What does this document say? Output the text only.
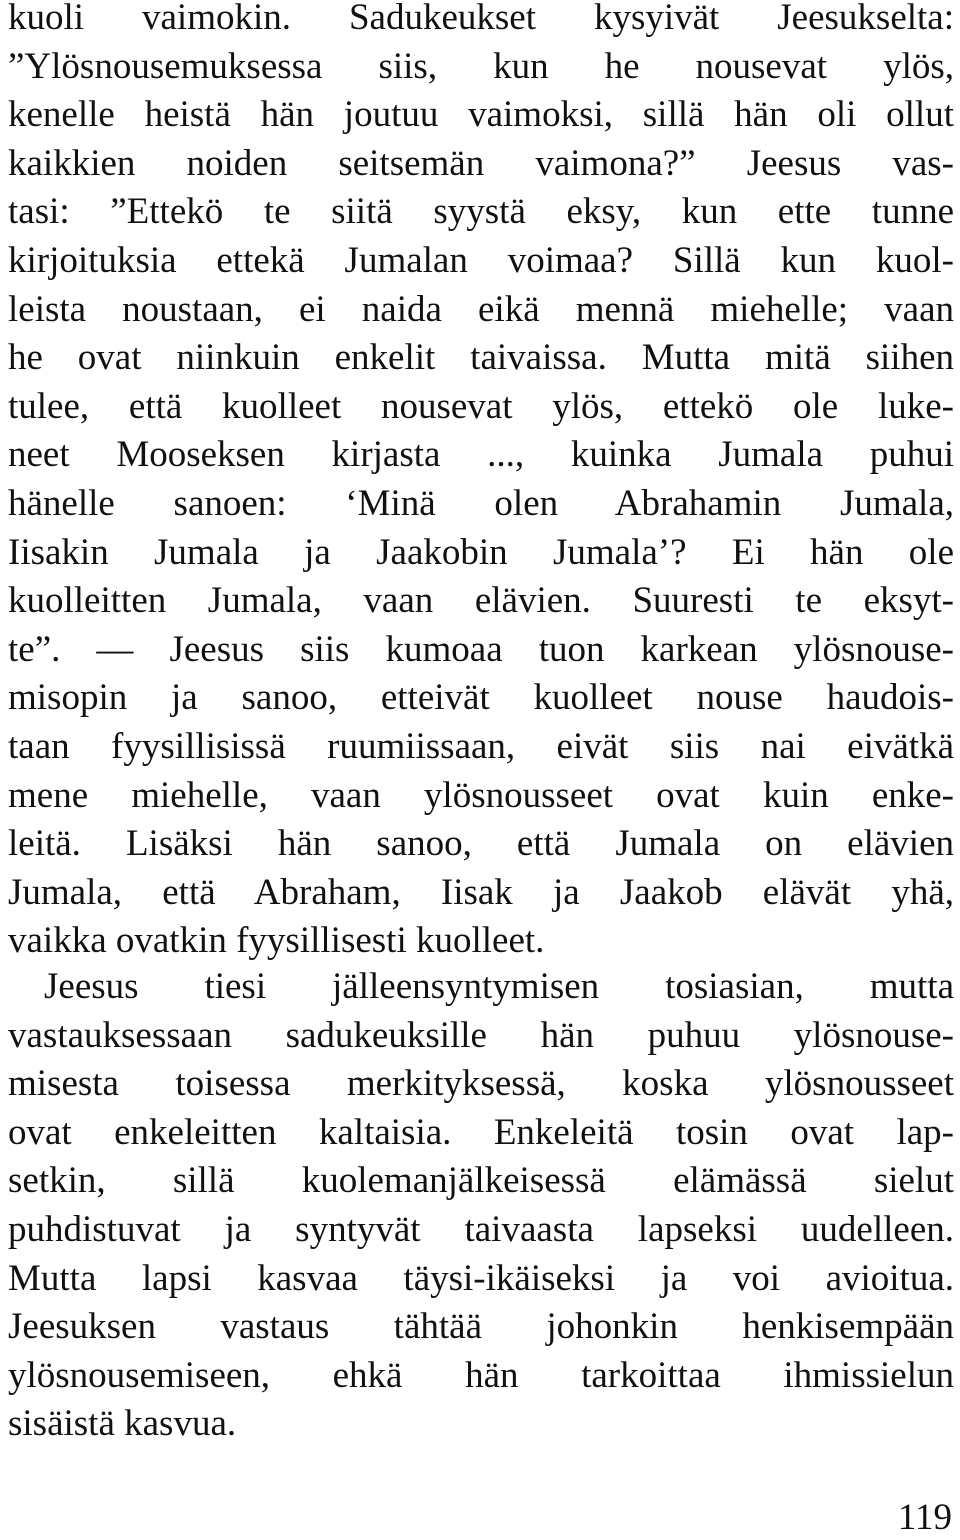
kuoli vaimokin. Sadukeukset kysyivät Jeesukselta:
”Ylösnousemuksessa siis, kun he nousevat ylös,
kenelle heistä hän joutuu vaimoksi, sillä hän oli ollut
kaikkien noiden seitsemän vaimona?” Jeesus vas-
tasi: ”Ettekö te siitä syystä eksy, kun ette tunne
kirjoituksia ettekä Jumalan voimaa? Sillä kun kuol-
leista noustaan, ei naida eikä mennä miehelle; vaan
he ovat niinkuin enkelit taivaissa. Mutta mitä siihen
tulee, että kuolleet nousevat ylös, ettekö ole luke-
neet Mooseksen kirjasta ..., kuinka Jumala puhui
hänelle sanoen: ‘Minä olen Abrahamin Jumala,
Iisakin Jumala ja Jaakobin Jumala’? Ei hän ole
kuolleitten Jumala, vaan elävien. Suuresti te eksyt-
te”. — Jeesus siis kumoaa tuon karkean ylösnouse-
misopin ja sanoo, etteivät kuolleet nouse haudois-
taan fyysillisissä ruumiissaan, eivät siis nai eivätkä
mene miehelle, vaan ylösnousseet ovat kuin enke-
leitä. Lisäksi hän sanoo, että Jumala on elävien
Jumala, että Abraham, Iisak ja Jaakob elävät yhä,
vaikka ovatkin fyysillisesti kuolleet.
Jeesus tiesi jälleensyntymisen tosiasian, mutta
vastauksessaan sadukeuksille hän puhuu ylösnouse-
misesta toisessa merkityksessä, koska ylösnousseet
ovat enkeleitten kaltaisia. Enkeleitä tosin ovat lap-
setkin, sillä kuolemanjälkeisessä elämässä sielut
puhdistuvat ja syntyvät taivaasta lapseksi uudelleen.
Mutta lapsi kasvaa täysi-ikäiseksi ja voi avioitua.
Jeesuksen vastaus tähtää johonkin henkisempään
ylösnousemiseen, ehkä hän tarkoittaa ihmissielun
sisäistä kasvua.
119
